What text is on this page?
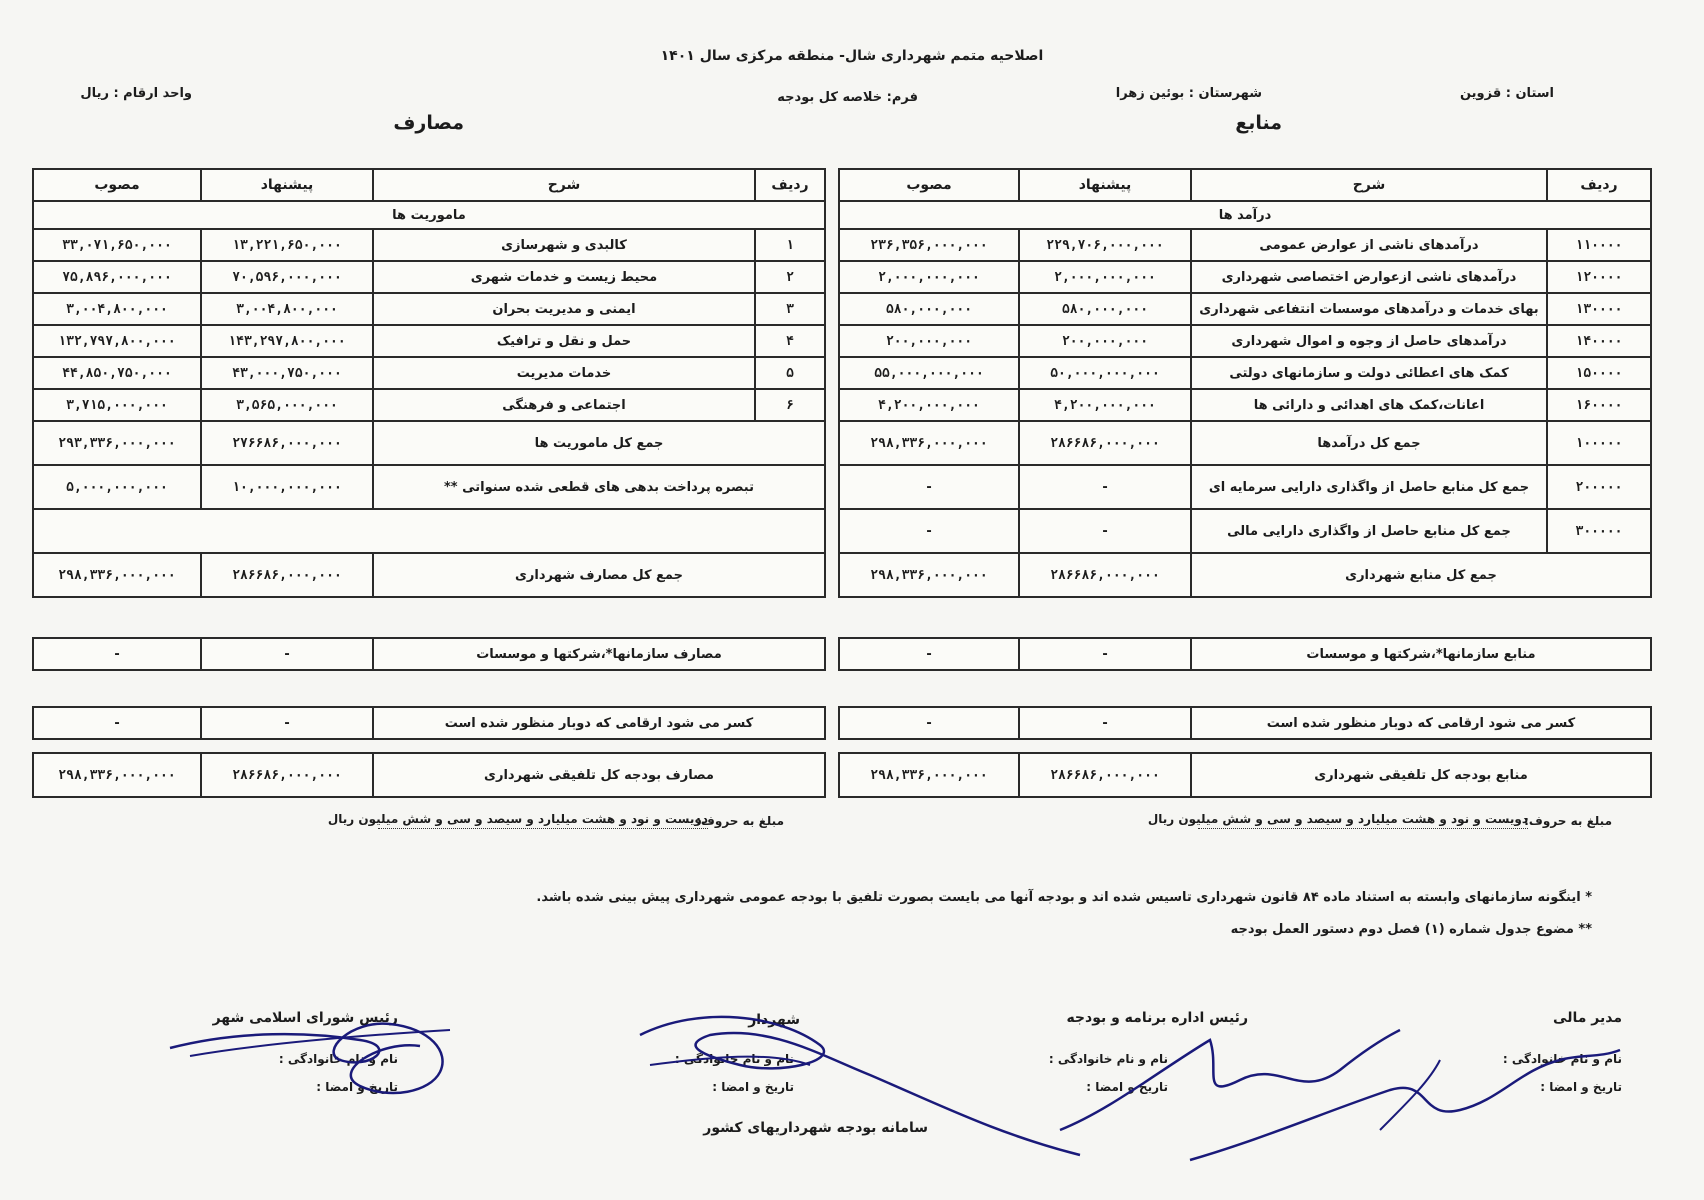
اصلاحیه متمم شهرداری شال- منطقه مرکزی سال ۱۴۰۱
استان : قزوین
شهرستان : بوئین زهرا
فرم: خلاصه کل بودجه
واحد ارقام : ریال
منابع
مصارف
ردیف	شرح	پیشنهاد	مصوب
درآمد ها			
۱۱۰۰۰۰	درآمدهای ناشی از عوارض عمومی	۲۲۹,۷۰۶,۰۰۰,۰۰۰	۲۳۶,۳۵۶,۰۰۰,۰۰۰
۱۲۰۰۰۰	درآمدهای ناشی ازعوارض اختصاصی شهرداری	۲,۰۰۰,۰۰۰,۰۰۰	۲,۰۰۰,۰۰۰,۰۰۰
۱۳۰۰۰۰	بهای خدمات و درآمدهای موسسات انتفاعی شهرداری	۵۸۰,۰۰۰,۰۰۰	۵۸۰,۰۰۰,۰۰۰
۱۴۰۰۰۰	درآمدهای حاصل از وجوه و اموال شهرداری	۲۰۰,۰۰۰,۰۰۰	۲۰۰,۰۰۰,۰۰۰
۱۵۰۰۰۰	کمک های اعطائی دولت و سازمانهای دولتی	۵۰,۰۰۰,۰۰۰,۰۰۰	۵۵,۰۰۰,۰۰۰,۰۰۰
۱۶۰۰۰۰	اعانات،کمک های اهدائی و دارائی ها	۴,۲۰۰,۰۰۰,۰۰۰	۴,۲۰۰,۰۰۰,۰۰۰
۱۰۰۰۰۰	جمع کل درآمدها	۲۸۶۶۸۶,۰۰۰,۰۰۰	۲۹۸,۳۳۶,۰۰۰,۰۰۰
۲۰۰۰۰۰	جمع کل منابع حاصل از واگذاری دارایی سرمایه ای	-	-
۳۰۰۰۰۰	جمع کل منابع حاصل از واگذاری دارایی مالی	-	-
جمع کل منابع شهرداری		۲۸۶۶۸۶,۰۰۰,۰۰۰	۲۹۸,۳۳۶,۰۰۰,۰۰۰
منابع سازمانها*،شرکتها و موسسات	-	-
کسر می شود ارقامی که دوبار منظور شده است	-	-
منابع بودجه کل تلفیقی شهرداری	۲۸۶۶۸۶,۰۰۰,۰۰۰	۲۹۸,۳۳۶,۰۰۰,۰۰۰
مبلغ به حروف:
دویست و نود و هشت میلیارد و سیصد و سی و شش میلیون ریال
ردیف	شرح	پیشنهاد	مصوب
ماموریت ها			
۱	کالبدی و شهرسازی	۱۳,۲۲۱,۶۵۰,۰۰۰	۳۳,۰۷۱,۶۵۰,۰۰۰
۲	محیط زیست و خدمات شهری	۷۰,۵۹۶,۰۰۰,۰۰۰	۷۵,۸۹۶,۰۰۰,۰۰۰
۳	ایمنی و مدیریت بحران	۳,۰۰۴,۸۰۰,۰۰۰	۳,۰۰۴,۸۰۰,۰۰۰
۴	حمل و نقل و ترافیک	۱۴۳,۲۹۷,۸۰۰,۰۰۰	۱۳۲,۷۹۷,۸۰۰,۰۰۰
۵	خدمات مدیریت	۴۳,۰۰۰,۷۵۰,۰۰۰	۴۴,۸۵۰,۷۵۰,۰۰۰
۶	اجتماعی و فرهنگی	۳,۵۶۵,۰۰۰,۰۰۰	۳,۷۱۵,۰۰۰,۰۰۰
جمع کل ماموریت ها		۲۷۶۶۸۶,۰۰۰,۰۰۰	۲۹۳,۳۳۶,۰۰۰,۰۰۰
تبصره پرداخت بدهی های قطعی شده سنواتی **		۱۰,۰۰۰,۰۰۰,۰۰۰	۵,۰۰۰,۰۰۰,۰۰۰

جمع کل مصارف شهرداری		۲۸۶۶۸۶,۰۰۰,۰۰۰	۲۹۸,۳۳۶,۰۰۰,۰۰۰
مصارف سازمانها*،شرکتها و موسسات	-	-
کسر می شود ارقامی که دوبار منظور شده است	-	-
مصارف بودجه کل تلفیقی شهرداری	۲۸۶۶۸۶,۰۰۰,۰۰۰	۲۹۸,۳۳۶,۰۰۰,۰۰۰
مبلغ به حروف:
دویست و نود و هشت میلیارد و سیصد و سی و شش میلیون ریال
* اینگونه سازمانهای وابسته به استناد ماده ۸۴ قانون شهرداری تاسیس شده اند و بودجه آنها می بایست بصورت تلفیق با بودجه عمومی شهرداری پیش بینی شده باشد.
** مضوع جدول شماره (۱) فصل دوم دستور العمل بودجه
مدیر مالی
نام و نام خانوادگی :
تاریخ و امضا :
رئیس اداره برنامه و بودجه
نام و نام خانوادگی :
تاریخ و امضا :
شهردار
نام و نام خانوادگی :
تاریخ و امضا :
رئیس شورای اسلامی شهر
نام و نام خانوادگی :
تاریخ و امضا :
سامانه بودجه شهرداریهای کشور
